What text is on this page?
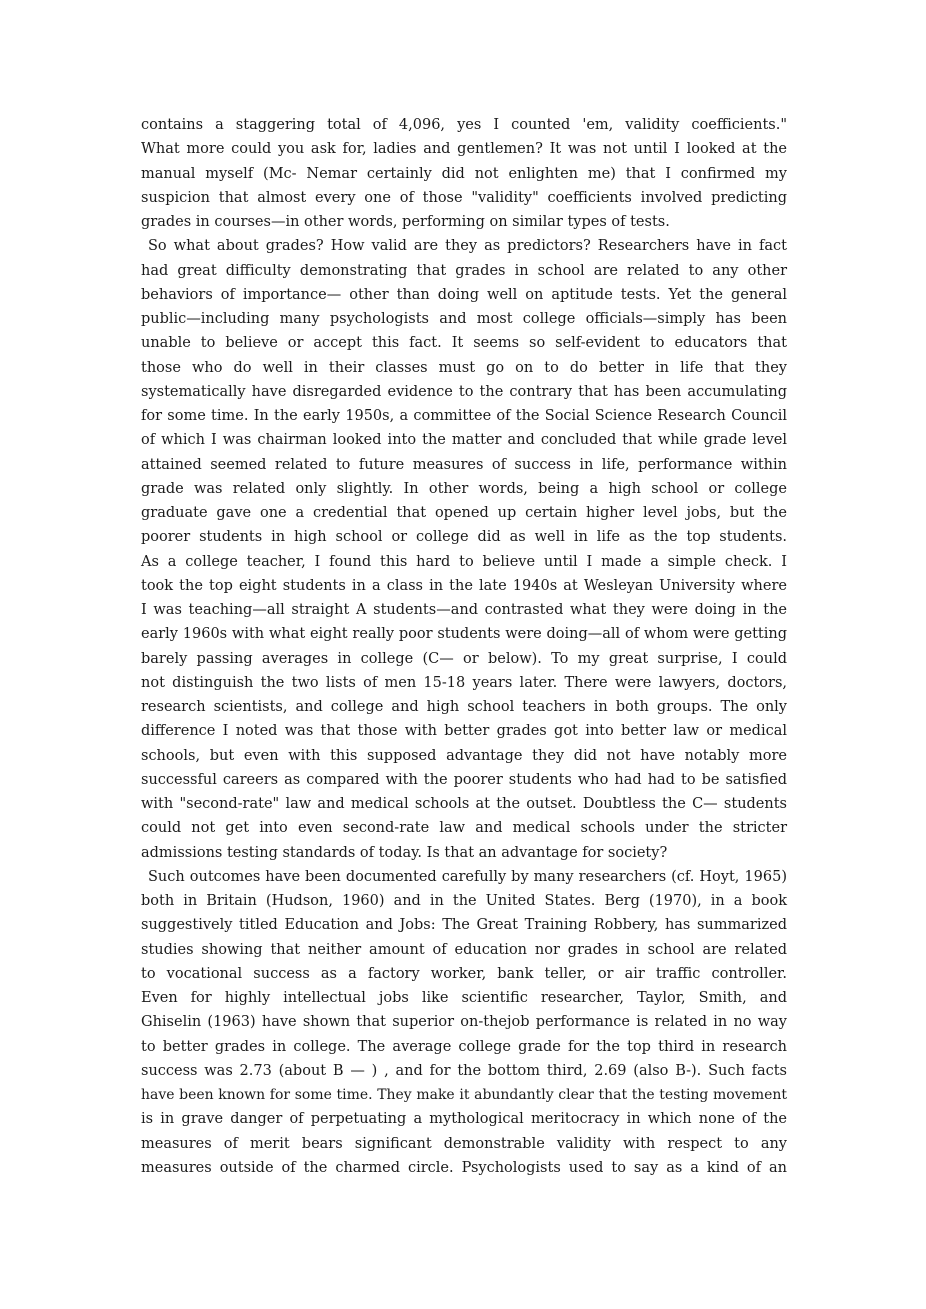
contains a staggering total of 4,096, yes I counted 'em, validity coefficients."
What more could you ask for, ladies and gentlemen? It was not until I looked at the
manual myself (Mc- Nemar certainly did not enlighten me) that I confirmed my
suspicion that almost every one of those "validity" coefficients involved predicting
grades in courses—in other words, performing on similar types of tests.
So what about grades? How valid are they as predictors? Researchers have in fact
had great difficulty demonstrating that grades in school are related to any other
behaviors of importance— other than doing well on aptitude tests. Yet the general
public—including many psychologists and most college officials—simply has been
unable to believe or accept this fact. It seems so self-evident to educators that
those who do well in their classes must go on to do better in life that they
systematically have disregarded evidence to the contrary that has been accumulating
for some time. In the early 1950s, a committee of the Social Science Research Council
of which I was chairman looked into the matter and concluded that while grade level
attained seemed related to future measures of success in life, performance within
grade was related only slightly. In other words, being a high school or college
graduate gave one a credential that opened up certain higher level jobs, but the
poorer students in high school or college did as well in life as the top students.
As a college teacher, I found this hard to believe until I made a simple check. I
took the top eight students in a class in the late 1940s at Wesleyan University where
I was teaching—all straight A students—and contrasted what they were doing in the
early 1960s with what eight really poor students were doing—all of whom were getting
barely passing averages in college (C— or below). To my great surprise, I could
not distinguish the two lists of men 15-18 years later. There were lawyers, doctors,
research scientists, and college and high school teachers in both groups. The only
difference I noted was that those with better grades got into better law or medical
schools, but even with this supposed advantage they did not have notably more
successful careers as compared with the poorer students who had had to be satisfied
with "second-rate" law and medical schools at the outset. Doubtless the C— students
could not get into even second-rate law and medical schools under the stricter
admissions testing standards of today. Is that an advantage for society?
Such outcomes have been documented carefully by many researchers (cf. Hoyt, 1965)
both in Britain (Hudson, 1960) and in the United States. Berg (1970), in a book
suggestively titled Education and Jobs: The Great Training Robbery, has summarized
studies showing that neither amount of education nor grades in school are related
to vocational success as a factory worker, bank teller, or air traffic controller.
Even for highly intellectual jobs like scientific researcher, Taylor, Smith, and
Ghiselin (1963) have shown that superior on-thejob performance is related in no way
to better grades in college. The average college grade for the top third in research
success was 2.73 (about B — ) , and for the bottom third, 2.69 (also B-). Such facts
have been known for some time. They make it abundantly clear that the testing movement
is in grave danger of perpetuating a mythological meritocracy in which none of the
measures of merit bears significant demonstrable validity with respect to any
measures outside of the charmed circle. Psychologists used to say as a kind of an
